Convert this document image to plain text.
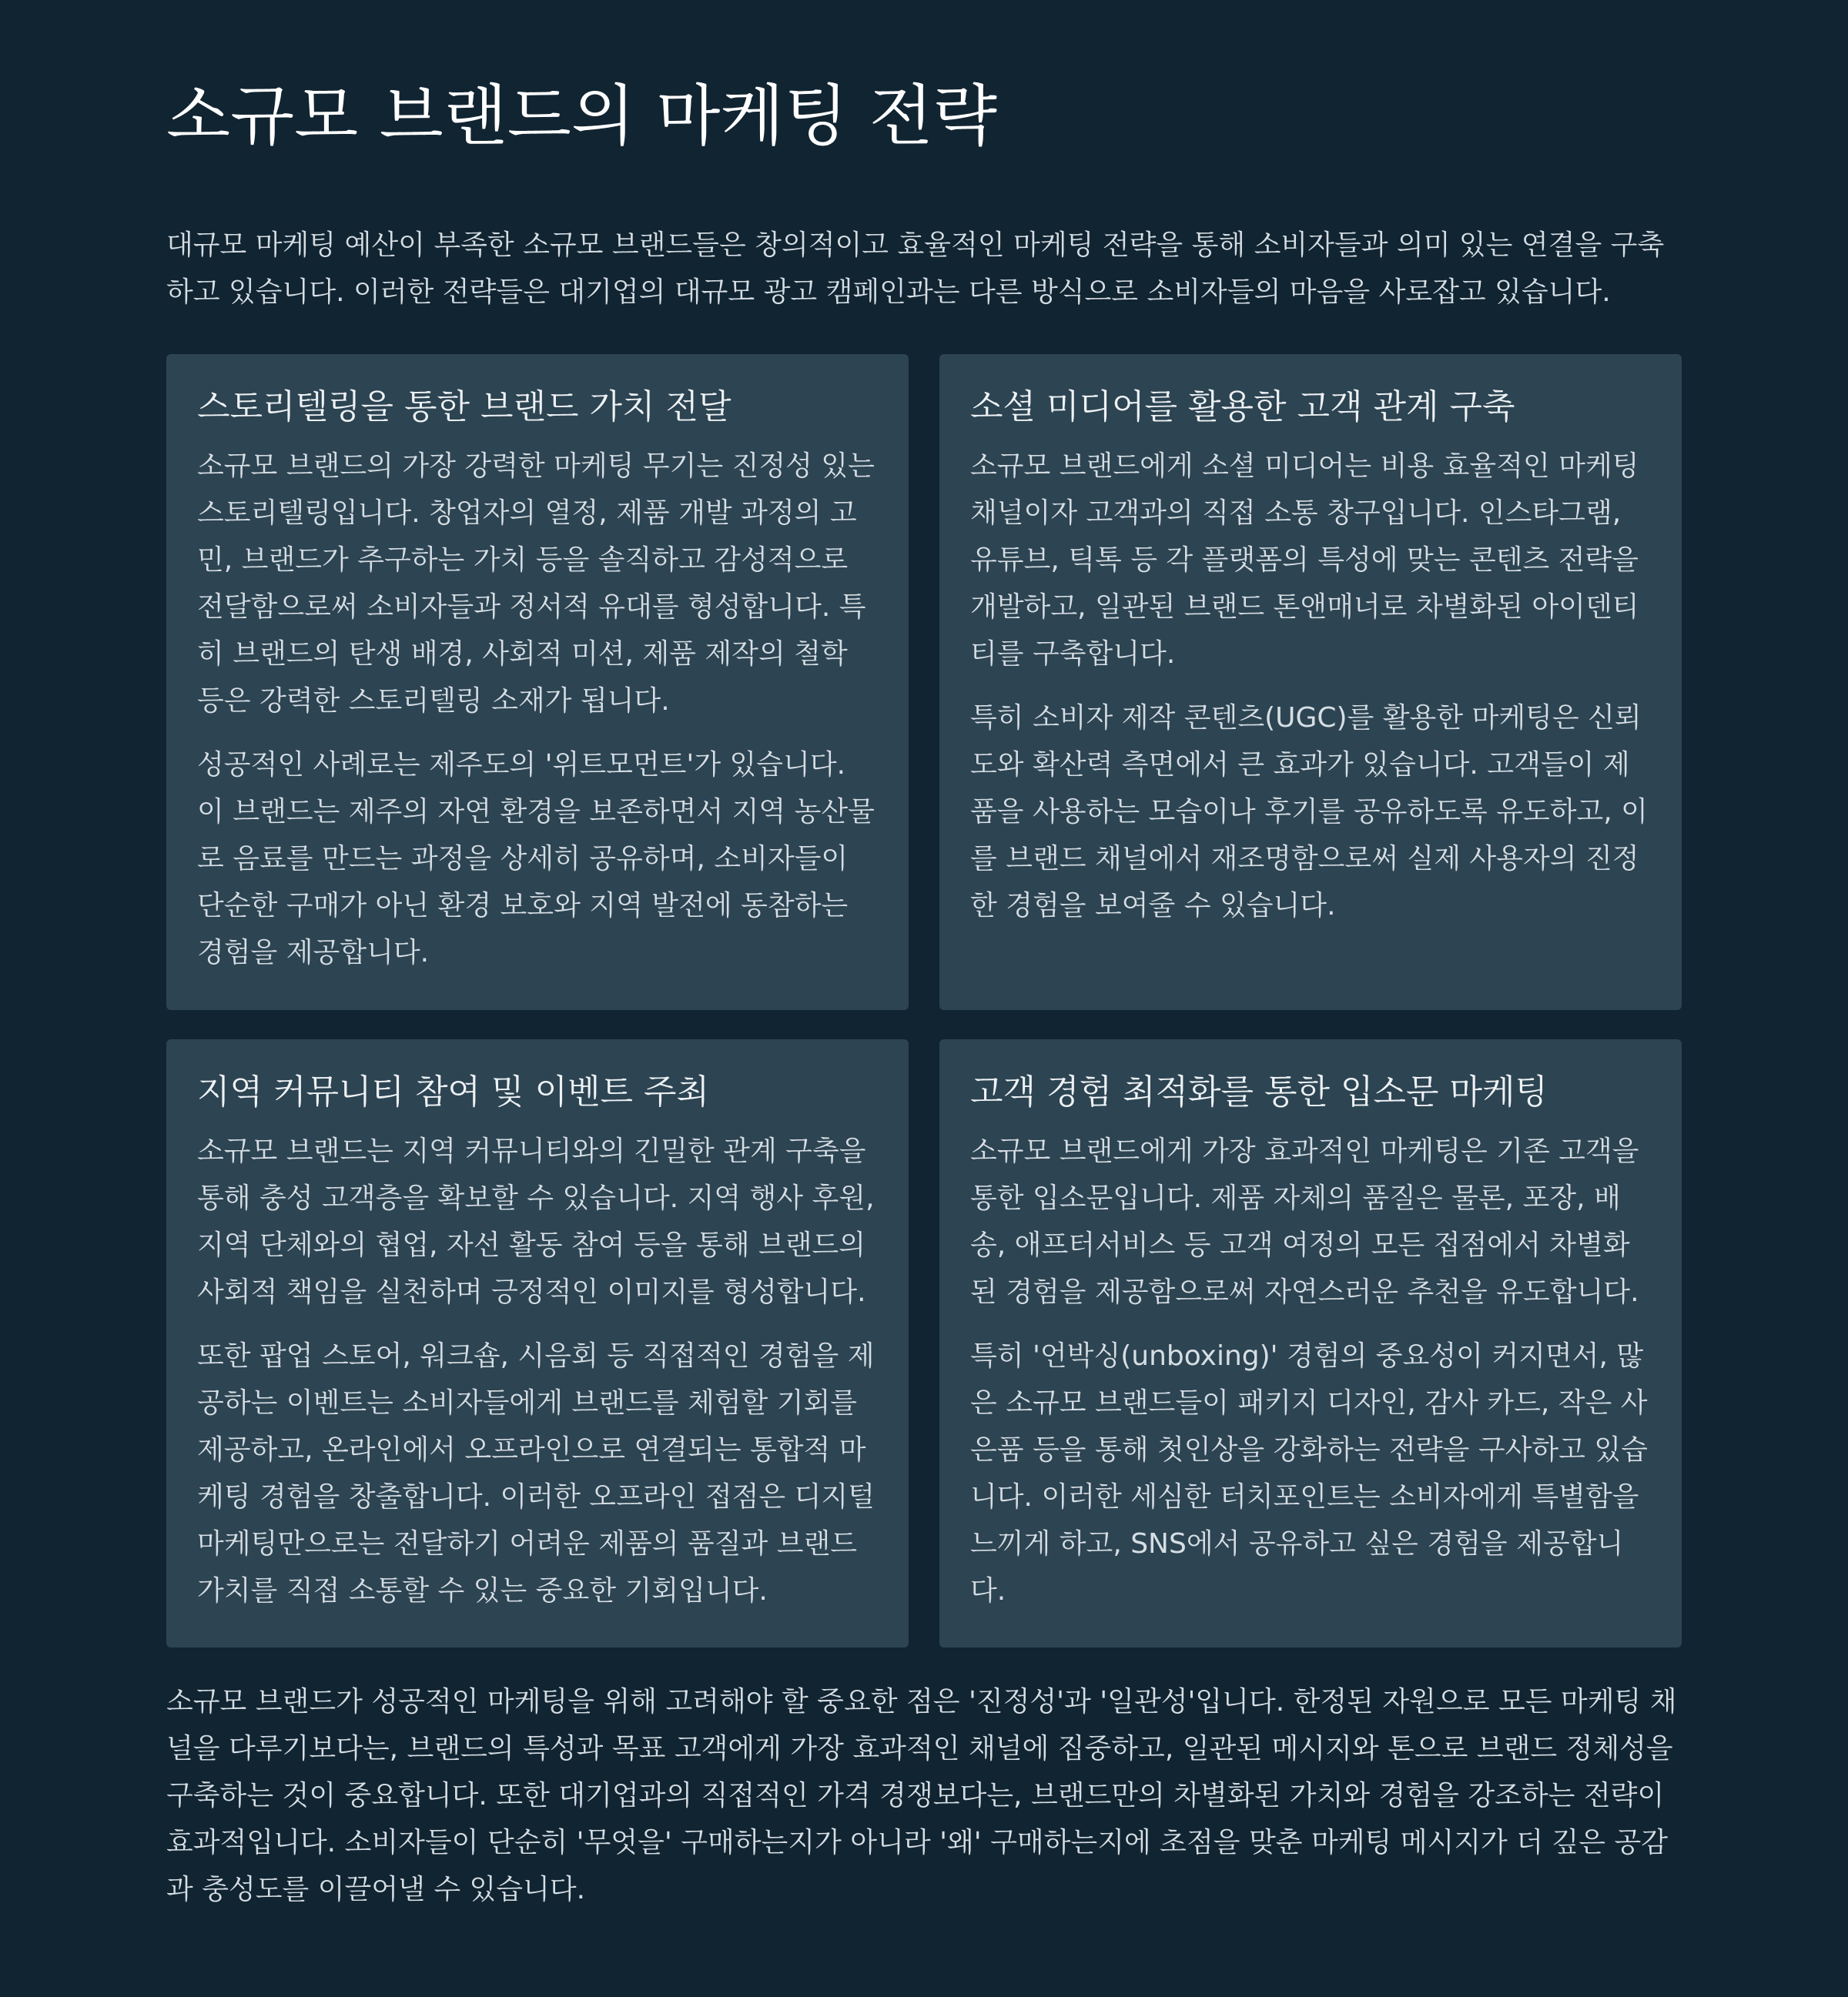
소규모 브랜드의 마케팅 전략

대규모 마케팅 예산이 부족한 소규모 브랜드들은 창의적이고 효율적인 마케팅 전략을 통해 소비자들과 의미 있는 연결을 구축하고 있습니다. 이러한 전략들은 대기업의 대규모 광고 캠페인과는 다른 방식으로 소비자들의 마음을 사로잡고 있습니다.

스토리텔링을 통한 브랜드 가치 전달

소규모 브랜드의 가장 강력한 마케팅 무기는 진정성 있는 스토리텔링입니다. 창업자의 열정, 제품 개발 과정의 고민, 브랜드가 추구하는 가치 등을 솔직하고 감성적으로 전달함으로써 소비자들과 정서적 유대를 형성합니다. 특히 브랜드의 탄생 배경, 사회적 미션, 제품 제작의 철학 등은 강력한 스토리텔링 소재가 됩니다.

성공적인 사례로는 제주도의 '위트모먼트'가 있습니다. 이 브랜드는 제주의 자연 환경을 보존하면서 지역 농산물로 음료를 만드는 과정을 상세히 공유하며, 소비자들이 단순한 구매가 아닌 환경 보호와 지역 발전에 동참하는 경험을 제공합니다.

소셜 미디어를 활용한 고객 관계 구축

소규모 브랜드에게 소셜 미디어는 비용 효율적인 마케팅 채널이자 고객과의 직접 소통 창구입니다. 인스타그램, 유튜브, 틱톡 등 각 플랫폼의 특성에 맞는 콘텐츠 전략을 개발하고, 일관된 브랜드 톤앤매너로 차별화된 아이덴티티를 구축합니다.

특히 소비자 제작 콘텐츠(UGC)를 활용한 마케팅은 신뢰도와 확산력 측면에서 큰 효과가 있습니다. 고객들이 제품을 사용하는 모습이나 후기를 공유하도록 유도하고, 이를 브랜드 채널에서 재조명함으로써 실제 사용자의 진정한 경험을 보여줄 수 있습니다.

지역 커뮤니티 참여 및 이벤트 주최

소규모 브랜드는 지역 커뮤니티와의 긴밀한 관계 구축을 통해 충성 고객층을 확보할 수 있습니다. 지역 행사 후원, 지역 단체와의 협업, 자선 활동 참여 등을 통해 브랜드의 사회적 책임을 실천하며 긍정적인 이미지를 형성합니다.

또한 팝업 스토어, 워크숍, 시음회 등 직접적인 경험을 제공하는 이벤트는 소비자들에게 브랜드를 체험할 기회를 제공하고, 온라인에서 오프라인으로 연결되는 통합적 마케팅 경험을 창출합니다. 이러한 오프라인 접점은 디지털 마케팅만으로는 전달하기 어려운 제품의 품질과 브랜드 가치를 직접 소통할 수 있는 중요한 기회입니다.

고객 경험 최적화를 통한 입소문 마케팅

소규모 브랜드에게 가장 효과적인 마케팅은 기존 고객을 통한 입소문입니다. 제품 자체의 품질은 물론, 포장, 배송, 애프터서비스 등 고객 여정의 모든 접점에서 차별화된 경험을 제공함으로써 자연스러운 추천을 유도합니다.

특히 '언박싱(unboxing)' 경험의 중요성이 커지면서, 많은 소규모 브랜드들이 패키지 디자인, 감사 카드, 작은 사은품 등을 통해 첫인상을 강화하는 전략을 구사하고 있습니다. 이러한 세심한 터치포인트는 소비자에게 특별함을 느끼게 하고, SNS에서 공유하고 싶은 경험을 제공합니다.

소규모 브랜드가 성공적인 마케팅을 위해 고려해야 할 중요한 점은 '진정성'과 '일관성'입니다. 한정된 자원으로 모든 마케팅 채널을 다루기보다는, 브랜드의 특성과 목표 고객에게 가장 효과적인 채널에 집중하고, 일관된 메시지와 톤으로 브랜드 정체성을 구축하는 것이 중요합니다. 또한 대기업과의 직접적인 가격 경쟁보다는, 브랜드만의 차별화된 가치와 경험을 강조하는 전략이 효과적입니다. 소비자들이 단순히 '무엇을' 구매하는지가 아니라 '왜' 구매하는지에 초점을 맞춘 마케팅 메시지가 더 깊은 공감과 충성도를 이끌어낼 수 있습니다.
